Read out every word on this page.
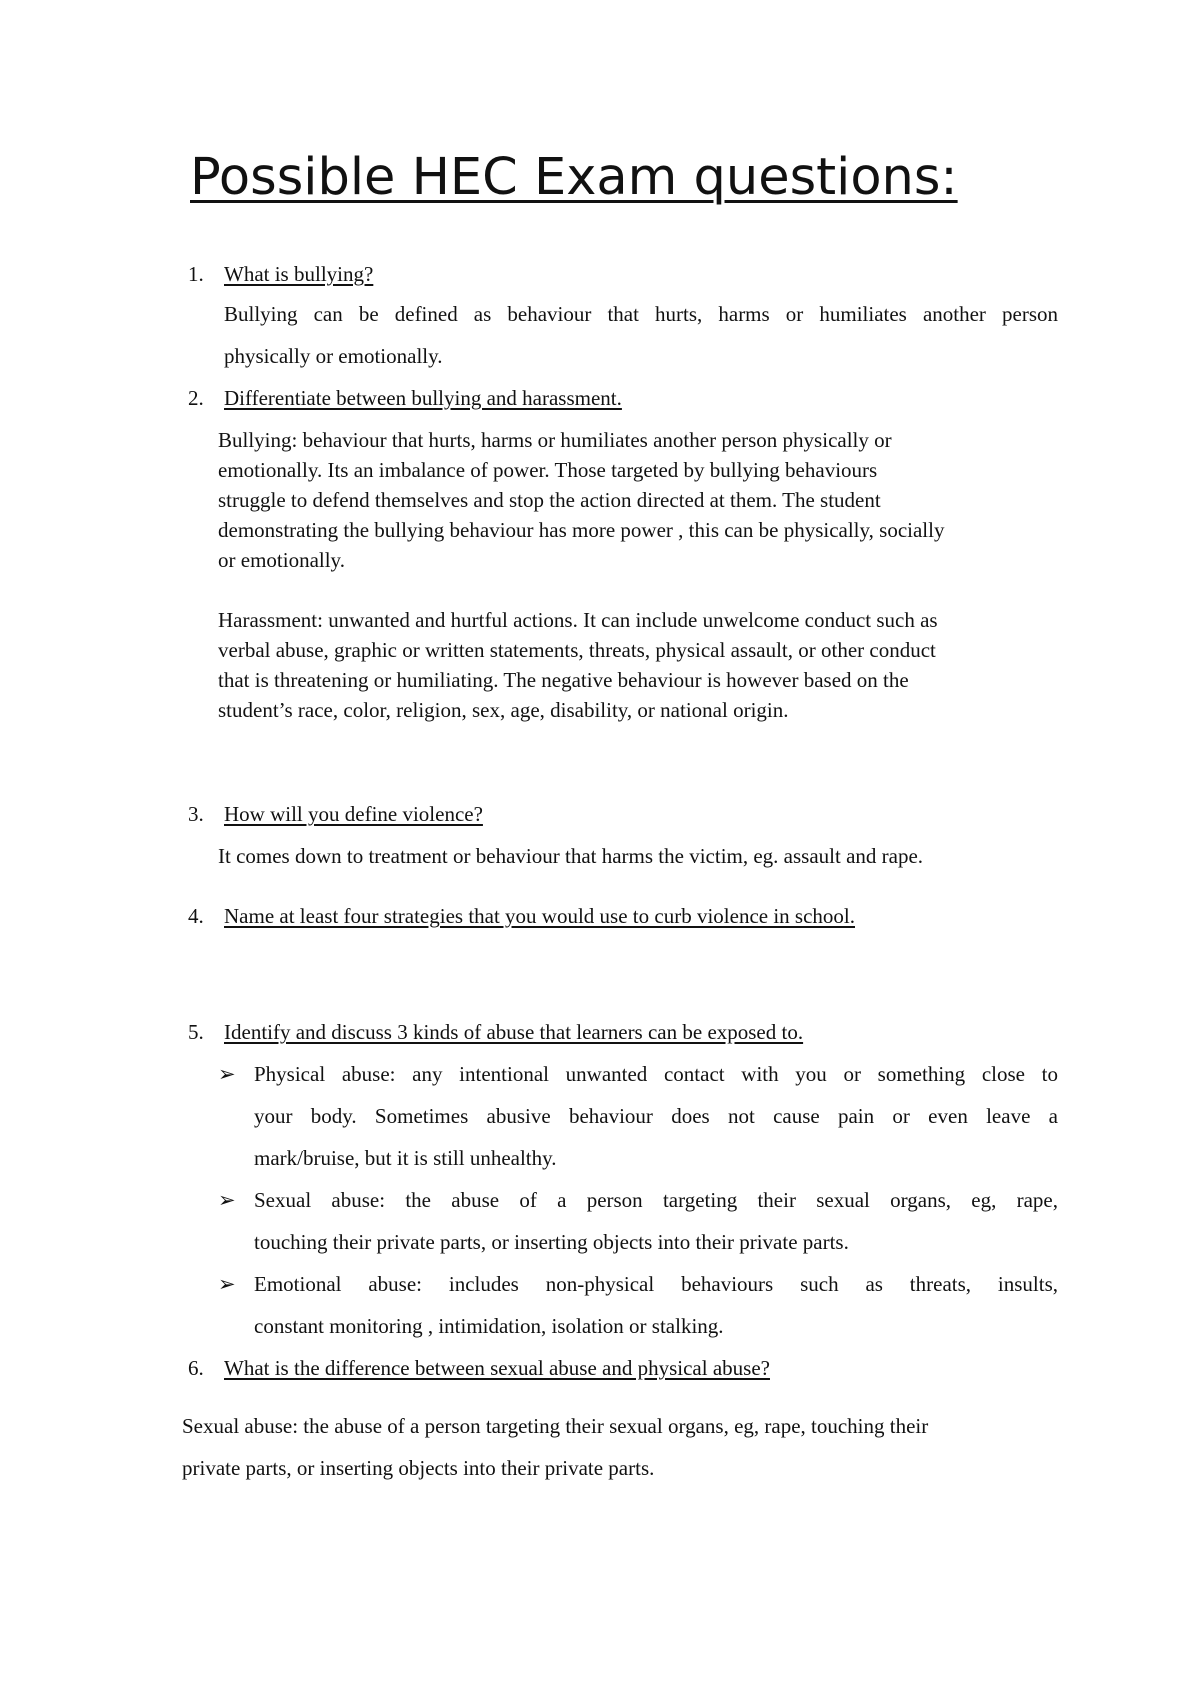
Possible HEC Exam questions:
1. What is bullying?
Bullying can be defined as behaviour that hurts, harms or humiliates another person
physically or emotionally.
2. Differentiate between bullying and harassment.
Bullying: behaviour that hurts, harms or humiliates another person physically or
emotionally. Its an imbalance of power. Those targeted by bullying behaviours
struggle to defend themselves and stop the action directed at them. The student
demonstrating the bullying behaviour has more power , this can be physically, socially
or emotionally.
Harassment: unwanted and hurtful actions. It can include unwelcome conduct such as
verbal abuse, graphic or written statements, threats, physical assault, or other conduct
that is threatening or humiliating. The negative behaviour is however based on the
student’s race, color, religion, sex, age, disability, or national origin.
3. How will you define violence?
It comes down to treatment or behaviour that harms the victim, eg. assault and rape.
4. Name at least four strategies that you would use to curb violence in school.
5. Identify and discuss 3 kinds of abuse that learners can be exposed to.
➢ Physical abuse: any intentional unwanted contact with you or something close to
your body. Sometimes abusive behaviour does not cause pain or even leave a
mark/bruise, but it is still unhealthy.
➢ Sexual abuse: the abuse of a person targeting their sexual organs, eg, rape,
touching their private parts, or inserting objects into their private parts.
➢ Emotional abuse: includes non-physical behaviours such as threats, insults,
constant monitoring , intimidation, isolation or stalking.
6. What is the difference between sexual abuse and physical abuse?
Sexual abuse: the abuse of a person targeting their sexual organs, eg, rape, touching their
private parts, or inserting objects into their private parts.
